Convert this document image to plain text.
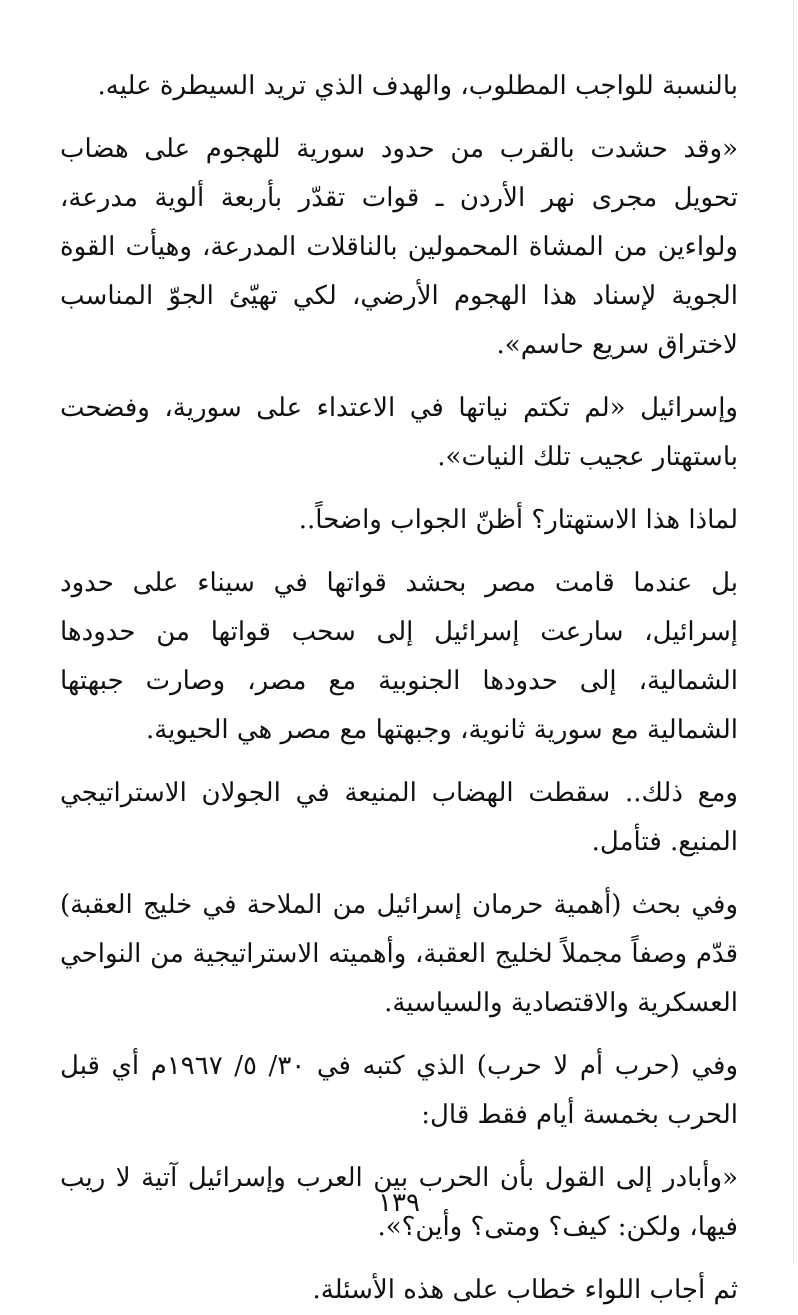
بالنسبة للواجب المطلوب، والهدف الذي تريد السيطرة عليه.

«وقد حشدت بالقرب من حدود سورية للهجوم على هضاب تحويل مجرى نهر الأردن ـ قوات تقدّر بأربعة ألوية مدرعة، ولواءين من المشاة المحمولين بالناقلات المدرعة، وهيأت القوة الجوية لإسناد هذا الهجوم الأرضي، لكي تهيّئ الجوّ المناسب لاختراق سريع حاسم».

وإسرائيل «لم تكتم نياتها في الاعتداء على سورية، وفضحت باستهتار عجيب تلك النيات».

لماذا هذا الاستهتار؟ أظنّ الجواب واضحاً..

بل عندما قامت مصر بحشد قواتها في سيناء على حدود إسرائيل، سارعت إسرائيل إلى سحب قواتها من حدودها الشمالية، إلى حدودها الجنوبية مع مصر، وصارت جبهتها الشمالية مع سورية ثانوية، وجبهتها مع مصر هي الحيوية.

ومع ذلك.. سقطت الهضاب المنيعة في الجولان الاستراتيجي المنيع. فتأمل.

وفي بحث (أهمية حرمان إسرائيل من الملاحة في خليج العقبة) قدّم وصفاً مجملاً لخليج العقبة، وأهميته الاستراتيجية من النواحي العسكرية والاقتصادية والسياسية.

وفي (حرب أم لا حرب) الذي كتبه في ٣٠/ ٥/ ١٩٦٧م أي قبل الحرب بخمسة أيام فقط قال:

«وأبادر إلى القول بأن الحرب بين العرب وإسرائيل آتية لا ريب فيها، ولكن: كيف؟ ومتى؟ وأين؟».

ثم أجاب اللواء خطاب على هذه الأسئلة.

١٣٩
